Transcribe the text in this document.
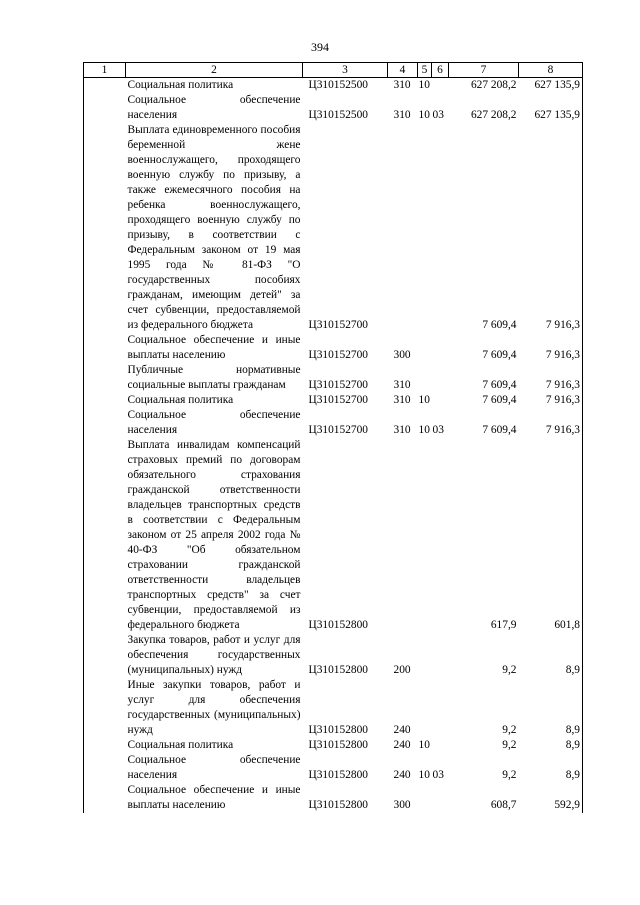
394
1	2	3	4	5	6	7	8
	Социальная политика	Ц310152500	310	10		627 208,2	627 135,9
	Социальное обеспечение населения	Ц310152500	310	10	03	627 208,2	627 135,9
	Выплата единовременного пособия беременной жене военнослужащего, проходящего военную службу по призыву, а также ежемесячного пособия на ребенка военнослужащего, проходящего военную службу по призыву, в соответствии с Федеральным законом от 19 мая 1995 года № 81-ФЗ "О государственных пособиях гражданам, имеющим детей" за счет субвенции, предоставляемой из федерального бюджета	Ц310152700				7 609,4	7 916,3
	Социальное обеспечение и иные выплаты населению	Ц310152700	300			7 609,4	7 916,3
	Публичные нормативные социальные выплаты гражданам	Ц310152700	310			7 609,4	7 916,3
	Социальная политика	Ц310152700	310	10		7 609,4	7 916,3
	Социальное обеспечение населения	Ц310152700	310	10	03	7 609,4	7 916,3
	Выплата инвалидам компенсаций страховых премий по договорам обязательного страхования гражданской ответственности владельцев транспортных средств в соответствии с Федеральным законом от 25 апреля 2002 года № 40-ФЗ "Об обязательном страховании гражданской ответственности владельцев транспортных средств" за счет субвенции, предоставляемой из федерального бюджета	Ц310152800				617,9	601,8
	Закупка товаров, работ и услуг для обеспечения государственных (муниципальных) нужд	Ц310152800	200			9,2	8,9
	Иные закупки товаров, работ и услуг для обеспечения государственных (муниципальных) нужд	Ц310152800	240			9,2	8,9
	Социальная политика	Ц310152800	240	10		9,2	8,9
	Социальное обеспечение населения	Ц310152800	240	10	03	9,2	8,9
	Социальное обеспечение и иные выплаты населению	Ц310152800	300			608,7	592,9
